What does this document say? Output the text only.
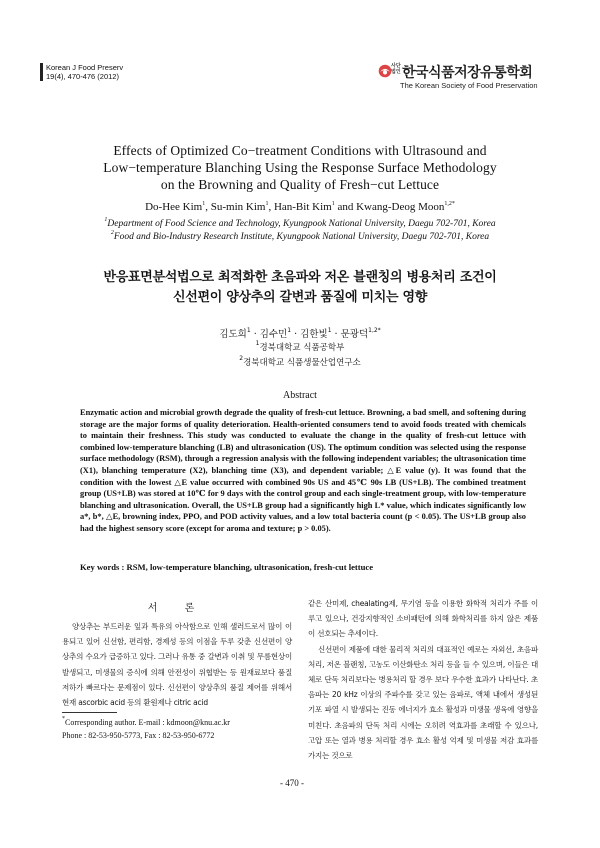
Korean J Food Preserv
19(4), 470-476 (2012)
사단
법인 한국식품저장유통학회
The Korean Society of Food Preservation
Effects of Optimized Co−treatment Conditions with Ultrasound and
Low−temperature Blanching Using the Response Surface Methodology
on the Browning and Quality of Fresh−cut Lettuce
Do-Hee Kim$^1$, Su-min Kim$^1$, Han-Bit Kim$^1$ and Kwang-Deog Moon$^{1,2*}$
$^1$Department of Food Science and Technology, Kyungpook National University, Daegu 702-701, Korea
$^2$Food and Bio-Industry Research Institute, Kyungpook National University, Daegu 702-701, Korea
반응표면분석법으로 최적화한 초음파와 저온 블랜칭의 병용처리 조건이
신선편이 양상추의 갈변과 품질에 미치는 영향
김도희$^1$ · 김수민$^1$ · 김한빛$^1$ · 문광덕$^{1,2*}$
$^1$경북대학교 식품공학부
$^2$경북대학교 식품생물산업연구소
Abstract
Enzymatic action and microbial growth degrade the quality of fresh-cut lettuce. Browning, a bad smell, and softening during storage are the major forms of quality deterioration. Health-oriented consumers tend to avoid foods treated with chemicals to maintain their freshness. This study was conducted to evaluate the change in the quality of fresh-cut lettuce with combined low-temperature blanching (LB) and ultrasonication (US). The optimum condition was selected using the response surface methodology (RSM), through a regression analysis with the following independent variables; the ultrasonication time (X1), blanching temperature (X2), blanching time (X3), and dependent variable; △E value (y). It was found that the condition with the lowest △E value occurred with combined 90s US and 45℃ 90s LB (US+LB). The combined treatment group (US+LB) was stored at 10℃ for 9 days with the control group and each single-treatment group, with low-temperature blanching and ultrasonication. Overall, the US+LB group had a significantly high L* value, which indicates significantly low a*, b*, △E, browning index, PPO, and POD activity values, and a low total bacteria count (p < 0.05). The US+LB group also had the highest sensory score (except for aroma and texture; p > 0.05).
Key words : RSM, low-temperature blanching, ultrasonication, fresh-cut lettuce
서 론

양상추는 부드러운 잎과 특유의 아삭함으로 인해 샐러드로서 많이 이용되고 있어 신선함, 편리함, 경제성 등의 이점을 두루 갖춘 신선편이 양상추의 수요가 급증하고 있다. 그러나 유통 중 갈변과 이취 및 무름현상이 발생되고, 미생물의 증식에 의해 안전성이 위협받는 등 원재료보다 품질 저하가 빠르다는 문제점이 있다. 신선편이 양상추의 품질 제어를 위해서 현재 ascorbic acid 등의 환원제나 citric acid

같은 산미제, chealating제, 무기염 등을 이용한 화학적 처리가 주를 이루고 있으나, 건강지향적인 소비패턴에 의해 화학처리를 하지 않은 제품이 선호되는 추세이다.

신선편이 제품에 대한 물리적 처리의 대표적인 예로는 자외선, 초음파 처리, 저온 블랜칭, 고농도 이산화탄소 처리 등을 들 수 있으며, 이들은 대체로 단독 처리보다는 병용처리 할 경우 보다 우수한 효과가 나타난다. 초음파는 20 kHz 이상의 주파수를 갖고 있는 음파로, 액체 내에서 생성된 기포 파열 시 발생되는 진동 에너지가 효소 활성과 미생물 생육에 영향을 미친다. 초음파의 단독 처리 시에는 오히려 역효과를 초래할 수 있으나, 고압 또는 열과 병용 처리할 경우 효소 활성 억제 및 미생물 저감 효과를 가지는 것으로

*Corresponding author. E-mail : kdmoon@knu.ac.kr
Phone : 82-53-950-5773, Fax : 82-53-950-6772
- 470 -
